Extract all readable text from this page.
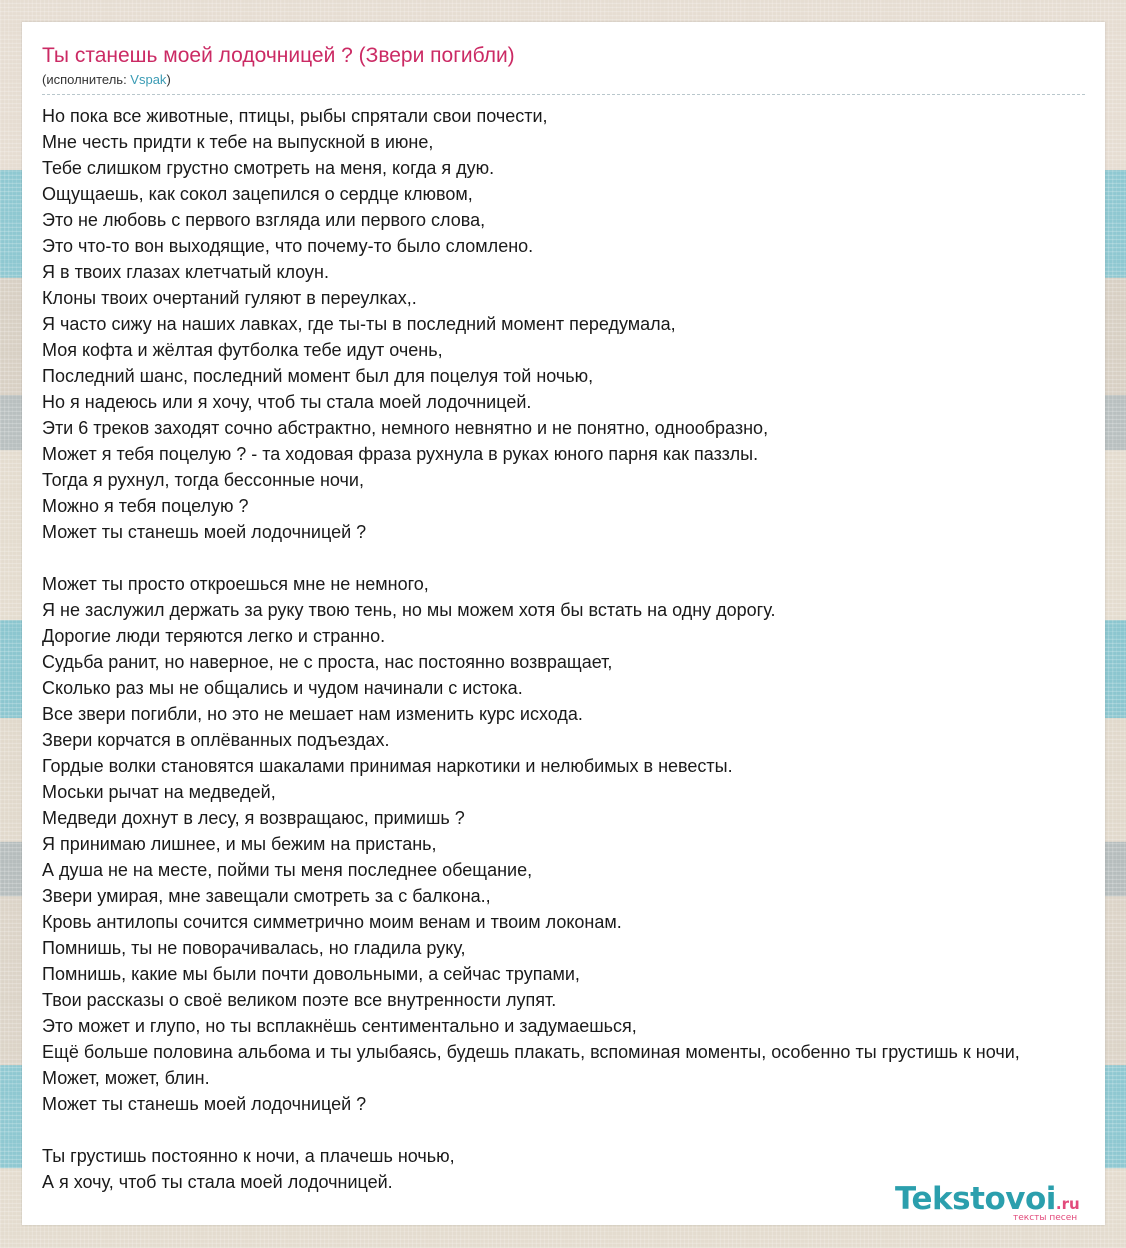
Ты станешь моей лодочницей ? (Звери погибли)
(исполнитель: Vspak)
Но пока все животные, птицы, рыбы спрятали свои почести,
Мне честь придти к тебе на выпускной в июне,
Тебе слишком грустно смотреть на меня, когда я дую.
Ощущаешь, как сокол зацепился о сердце клювом,
Это не любовь с первого взгляда или первого слова,
Это что-то вон выходящие, что почему-то было сломлено.
Я в твоих глазах клетчатый клоун.
Клоны твоих очертаний гуляют в переулках,.
Я часто сижу на наших лавках, где ты-ты в последний момент передумала,
Моя кофта и жёлтая футболка тебе идут очень,
Последний шанс, последний момент был для поцелуя той ночью,
Но я надеюсь или я хочу, чтоб ты стала моей лодочницей.
Эти 6 треков заходят сочно абстрактно, немного невнятно и не понятно, однообразно,
Может я тебя поцелую ? - та ходовая фраза рухнула в руках юного парня как паззлы.
Тогда я рухнул, тогда бессонные ночи,
Можно я тебя поцелую ?
Может ты станешь моей лодочницей ?
Может ты просто откроешься мне не немного,
Я не заслужил держать за руку твою тень, но мы можем хотя бы встать на одну дорогу.
Дорогие люди теряются легко и странно.
Судьба ранит, но наверное, не с проста, нас постоянно возвращает,
Сколько раз мы не общались и чудом начинали с истока.
Все звери погибли, но это не мешает нам изменить курс исхода.
Звери корчатся в оплёванных подъездах.
Гордые волки становятся шакалами принимая наркотики и нелюбимых в невесты.
Моськи рычат на медведей,
Медведи дохнут в лесу, я возвращаюс, примишь ?
Я принимаю лишнее, и мы бежим на пристань,
А душа не на месте, пойми ты меня последнее обещание,
Звери умирая, мне завещали смотреть за с балкона.,
Кровь антилопы сочится симметрично моим венам и твоим локонам.
Помнишь, ты не поворачивалась, но гладила руку,
Помнишь, какие мы были почти довольными, а сейчас трупами,
Твои рассказы о своё великом поэте все внутренности лупят.
Это может и глупо, но ты всплакнёшь сентиментально и задумаешься,
Ещё больше половина альбома и ты улыбаясь, будешь плакать, вспоминая моменты, особенно ты грустишь к ночи,
Может, может, блин.
Может ты станешь моей лодочницей ?
Ты грустишь постоянно к ночи, а плачешь ночью,
А я хочу, чтоб ты стала моей лодочницей.	Tekstovoi.ru
тексты песен
